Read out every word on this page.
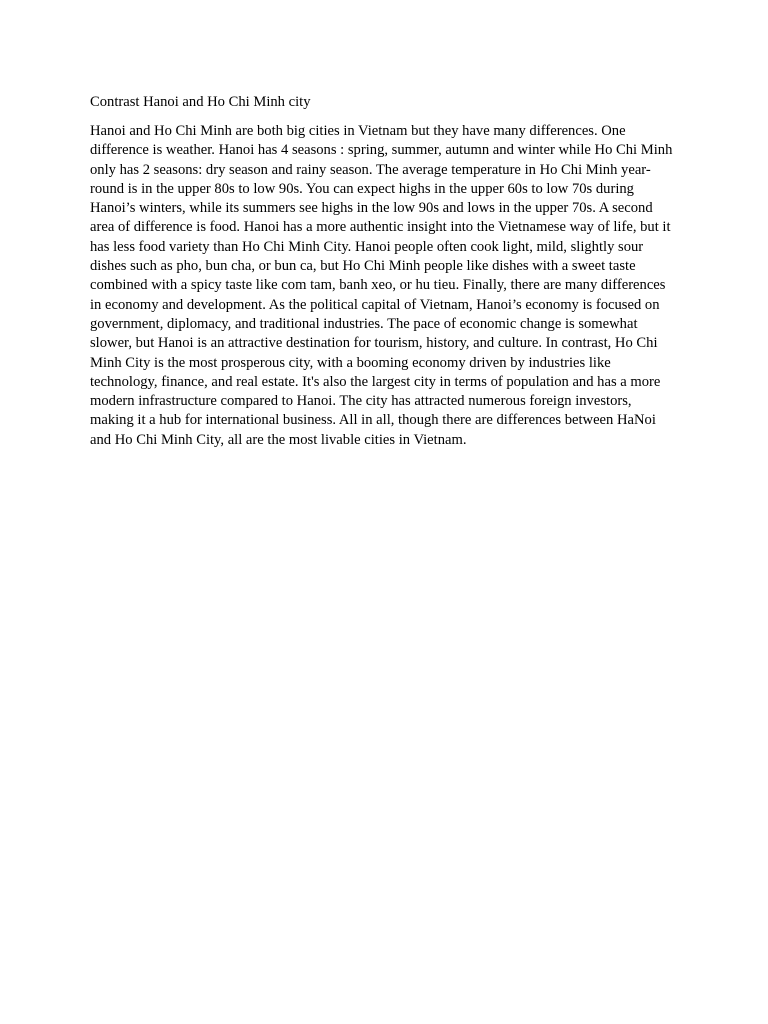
Contrast Hanoi and Ho Chi Minh city

Hanoi and Ho Chi Minh are both big cities in Vietnam but they have many differences. One difference is weather. Hanoi has 4 seasons : spring, summer, autumn and winter while Ho Chi Minh only has 2 seasons: dry season and rainy season. The average temperature in Ho Chi Minh year-round is in the upper 80s to low 90s. You can expect highs in the upper 60s to low 70s during Hanoi’s winters, while its summers see highs in the low 90s and lows in the upper 70s. A second area of difference is food. Hanoi has a more authentic insight into the Vietnamese way of life, but it has less food variety than Ho Chi Minh City. Hanoi people often cook light, mild, slightly sour dishes such as pho, bun cha, or bun ca, but Ho Chi Minh people like dishes with a sweet taste combined with a spicy taste like com tam, banh xeo, or hu tieu. Finally, there are many differences in economy and development. As the political capital of Vietnam, Hanoi’s economy is focused on government, diplomacy, and traditional industries. The pace of economic change is somewhat slower, but Hanoi is an attractive destination for tourism, history, and culture. In contrast, Ho Chi Minh City is the most prosperous city, with a booming economy driven by industries like technology, finance, and real estate. It's also the largest city in terms of population and has a more modern infrastructure compared to Hanoi. The city has attracted numerous foreign investors, making it a hub for international business. All in all, though there are differences between HaNoi and Ho Chi Minh City, all are the most livable cities in Vietnam.
